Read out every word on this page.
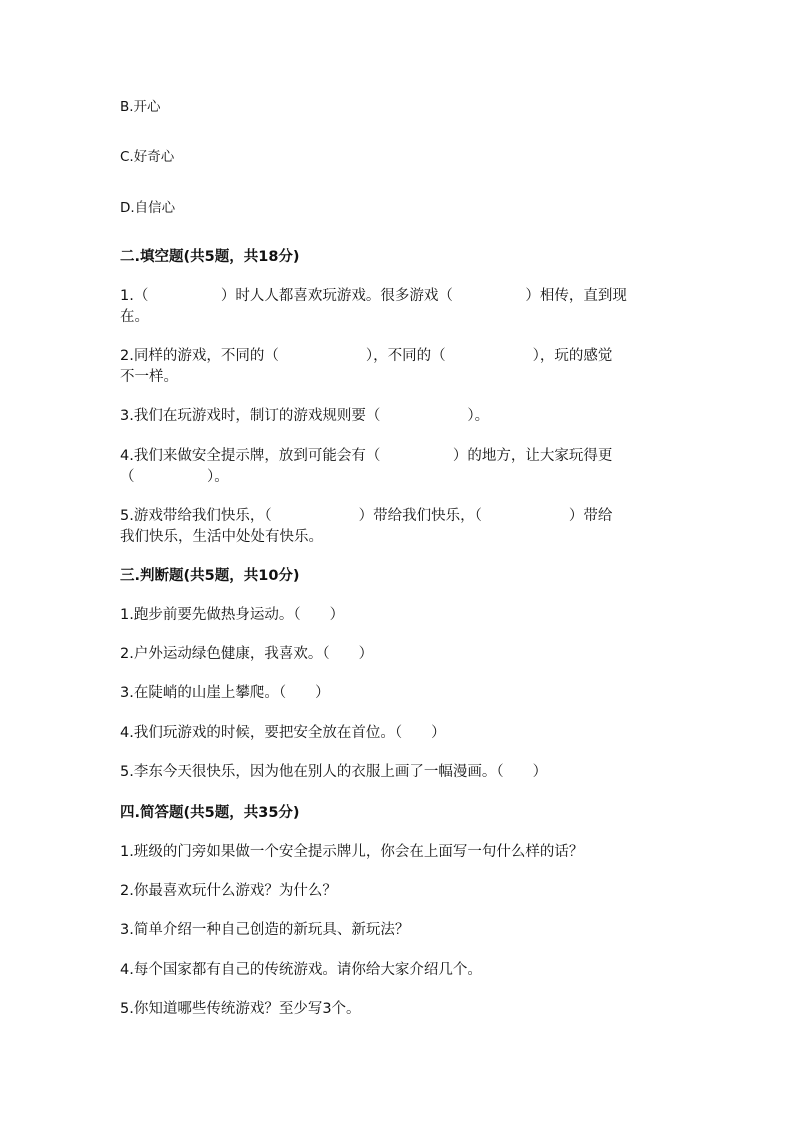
B.开心
C.好奇心
D.自信心
二.填空题(共5题，共18分)
1.（　　　　　）时人人都喜欢玩游戏。很多游戏（　　　　　）相传，直到现
在。
2.同样的游戏，不同的（　　　　　　），不同的（　　　　　　），玩的感觉
不一样。
3.我们在玩游戏时，制订的游戏规则要（　　　　　　）。
4.我们来做安全提示牌，放到可能会有（　　　　　）的地方，让大家玩得更
（　　　　　）。
5.游戏带给我们快乐，（　　　　　　）带给我们快乐，（　　　　　　）带给
我们快乐，生活中处处有快乐。
三.判断题(共5题，共10分)
1.跑步前要先做热身运动。（　　）
2.户外运动绿色健康，我喜欢。（　　）
3.在陡峭的山崖上攀爬。（　　）
4.我们玩游戏的时候，要把安全放在首位。（　　）
5.李东今天很快乐，因为他在别人的衣服上画了一幅漫画。（　　）
四.简答题(共5题，共35分)
1.班级的门旁如果做一个安全提示牌儿，你会在上面写一句什么样的话？
2.你最喜欢玩什么游戏？为什么？
3.简单介绍一种自己创造的新玩具、新玩法？
4.每个国家都有自己的传统游戏。请你给大家介绍几个。
5.你知道哪些传统游戏？至少写3个。
